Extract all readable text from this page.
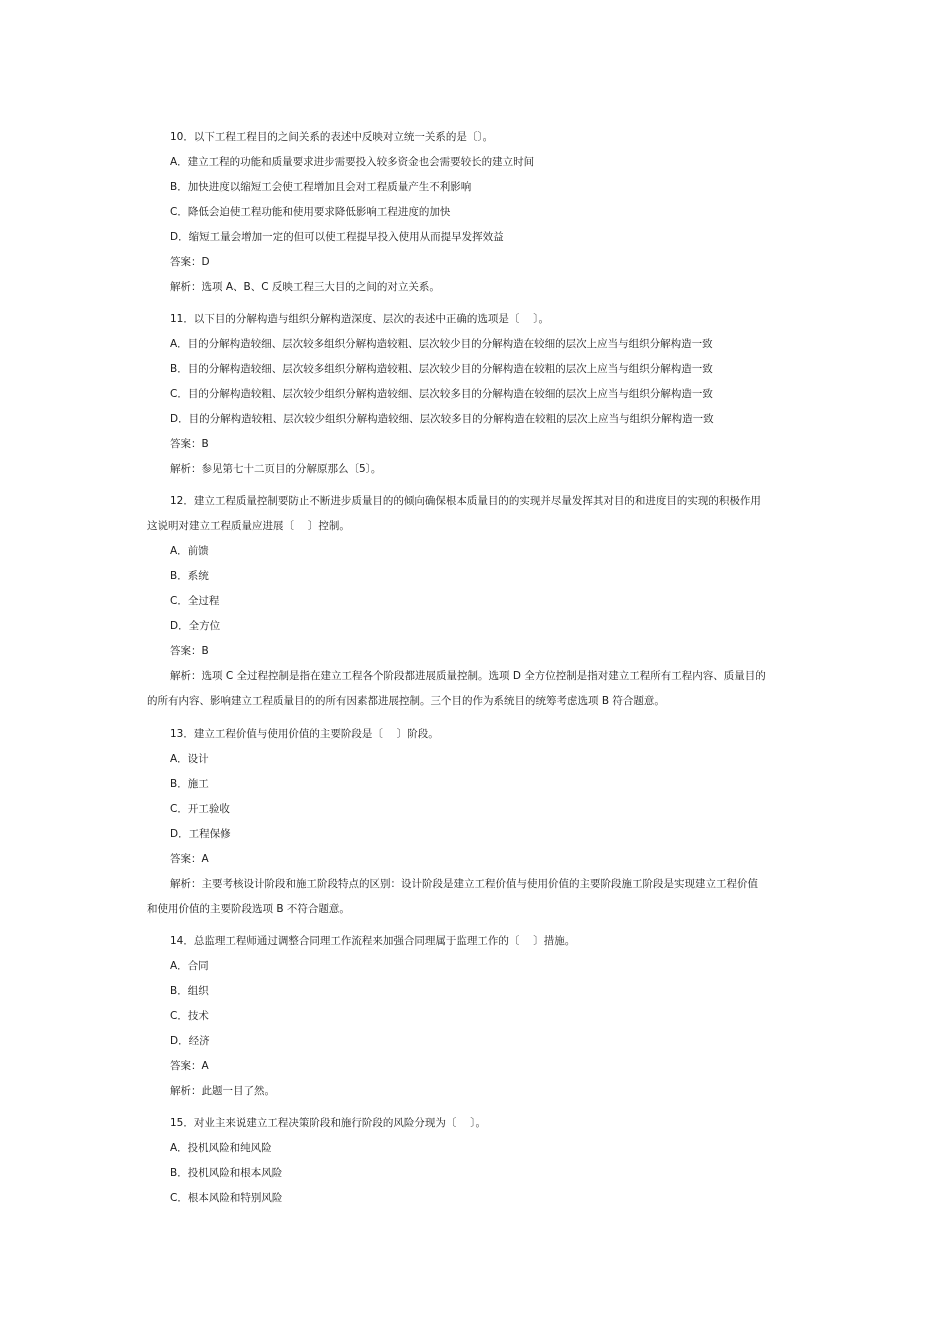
10．以下工程工程目的之间关系的表述中反映对立统一关系的是〔〕。
A．建立工程的功能和质量要求进步需要投入较多资金也会需要较长的建立时间
B．加快进度以缩短工会使工程增加且会对工程质量产生不利影响
C．降低会迫使工程功能和使用要求降低影响工程进度的加快
D．缩短工量会增加一定的但可以使工程提早投入使用从而提早发挥效益
答案：D
解析：选项 A、B、C 反映工程三大目的之间的对立关系。
11．以下目的分解构造与组织分解构造深度、层次的表述中正确的选项是〔　 〕。
A．目的分解构造较细、层次较多组织分解构造较粗、层次较少目的分解构造在较细的层次上应当与组织分解构造一致
B．目的分解构造较细、层次较多组织分解构造较粗、层次较少目的分解构造在较粗的层次上应当与组织分解构造一致
C．目的分解构造较粗、层次较少组织分解构造较细、层次较多目的分解构造在较细的层次上应当与组织分解构造一致
D．目的分解构造较粗、层次较少组织分解构造较细、层次较多目的分解构造在较粗的层次上应当与组织分解构造一致
答案：B
解析：参见第七十二页目的分解原那么〔5〕。
12．建立工程质量控制要防止不断进步质量目的的倾向确保根本质量目的的实现并尽量发挥其对目的和进度目的实现的积极作用
这说明对建立工程质量应进展〔　 〕控制。
A．前馈
B．系统
C．全过程
D．全方位
答案：B
解析：选项 C 全过程控制是指在建立工程各个阶段都进展质量控制。选项 D 全方位控制是指对建立工程所有工程内容、质量目的
的所有内容、影响建立工程质量目的的所有因素都进展控制。三个目的作为系统目的统筹考虑选项 B 符合题意。
13．建立工程价值与使用价值的主要阶段是〔　 〕阶段。
A．设计
B．施工
C．开工验收
D．工程保修
答案：A
解析：主要考核设计阶段和施工阶段特点的区别：设计阶段是建立工程价值与使用价值的主要阶段施工阶段是实现建立工程价值
和使用价值的主要阶段选项 B 不符合题意。
14．总监理工程师通过调整合同理工作流程来加强合同理属于监理工作的〔　 〕措施。
A．合同
B．组织
C．技术
D．经济
答案：A
解析：此题一目了然。
15．对业主来说建立工程决策阶段和施行阶段的风险分现为〔　 〕。
A．投机风险和纯风险
B．投机风险和根本风险
C．根本风险和特别风险
